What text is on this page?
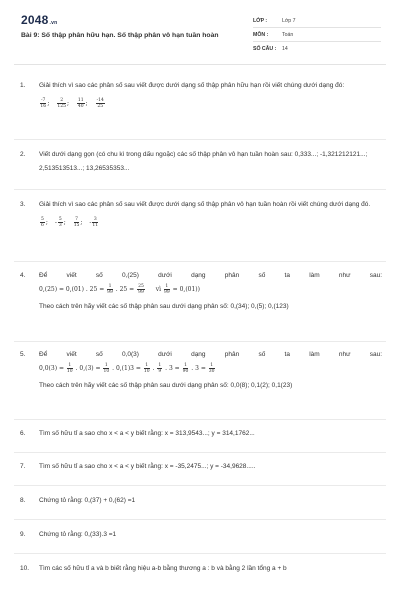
2048.vn
Bài 9: Số thập phân hữu hạn. Số thập phân vô hạn tuần hoàn
LỚP :	Lớp 7
MÔN :	Toán
SỐ CÂU :	14
1. Giải thích vì sao các phân số sau viết được dưới dạng số thập phân hữu hạn rồi viết chúng dưới dạng đó:
$\frac{-7}{16}$ ; $\frac{2}{125}$ ; $\frac{11}{40}$ ; $\frac{-14}{25}$
2. Viết dưới dạng gọn (có chu kì trong dấu ngoặc) các số thập phân vô hạn tuần hoàn sau: 0,333...; -1,321212121...; 2,513513513...; 13,26535353...
3. Giải thích vì sao các phân số sau viết được dưới dạng số thập phân vô hạn tuần hoàn rồi viết chúng dưới dạng đó.
$\frac{5}{6}$ ; - $\frac{5}{3}$ ; $\frac{7}{15}$ ; - $\frac{3}{11}$
4. Để viết số 0,(25) dưới dạng phân số ta làm như sau:
0,(25) = 0,(01) . $25 = \frac{1}{99}$ . $25 = \frac{25}{99}$ vì $\frac{1}{99} = 0,(01)$)
Theo cách trên hãy viết các số thập phân sau dưới dạng phân số: 0,(34); 0,(5); 0,(123)
5. Để viết số 0,0(3) dưới dạng phân số ta làm như sau:
$0,0(3) = \frac{1}{10}$ . $0,(3) = \frac{1}{10}$ . $0,(1)3 = \frac{1}{10}$ . $\frac{1}{9}$ . $3 = \frac{1}{90}$ . $3 = \frac{1}{30}$
Theo cách trên hãy viết các số thập phân sau dưới dạng phân số: 0,0(8); 0,1(2); 0,1(23)
6. Tìm số hữu tỉ a sao cho x < a < y biết rằng: x = 313,9543...; y = 314,1762...
7. Tìm số hữu tỉ a sao cho x < a < y biết rằng: x = -35,2475...; y = -34,9628.....
8. Chứng tỏ rằng: 0,(37) + 0,(62) =1
9. Chứng tỏ rằng: 0,(33).3 =1
10. Tìm các số hữu tỉ a và b biết rằng hiệu a-b bằng thương a : b và bằng 2 lần tổng a + b
